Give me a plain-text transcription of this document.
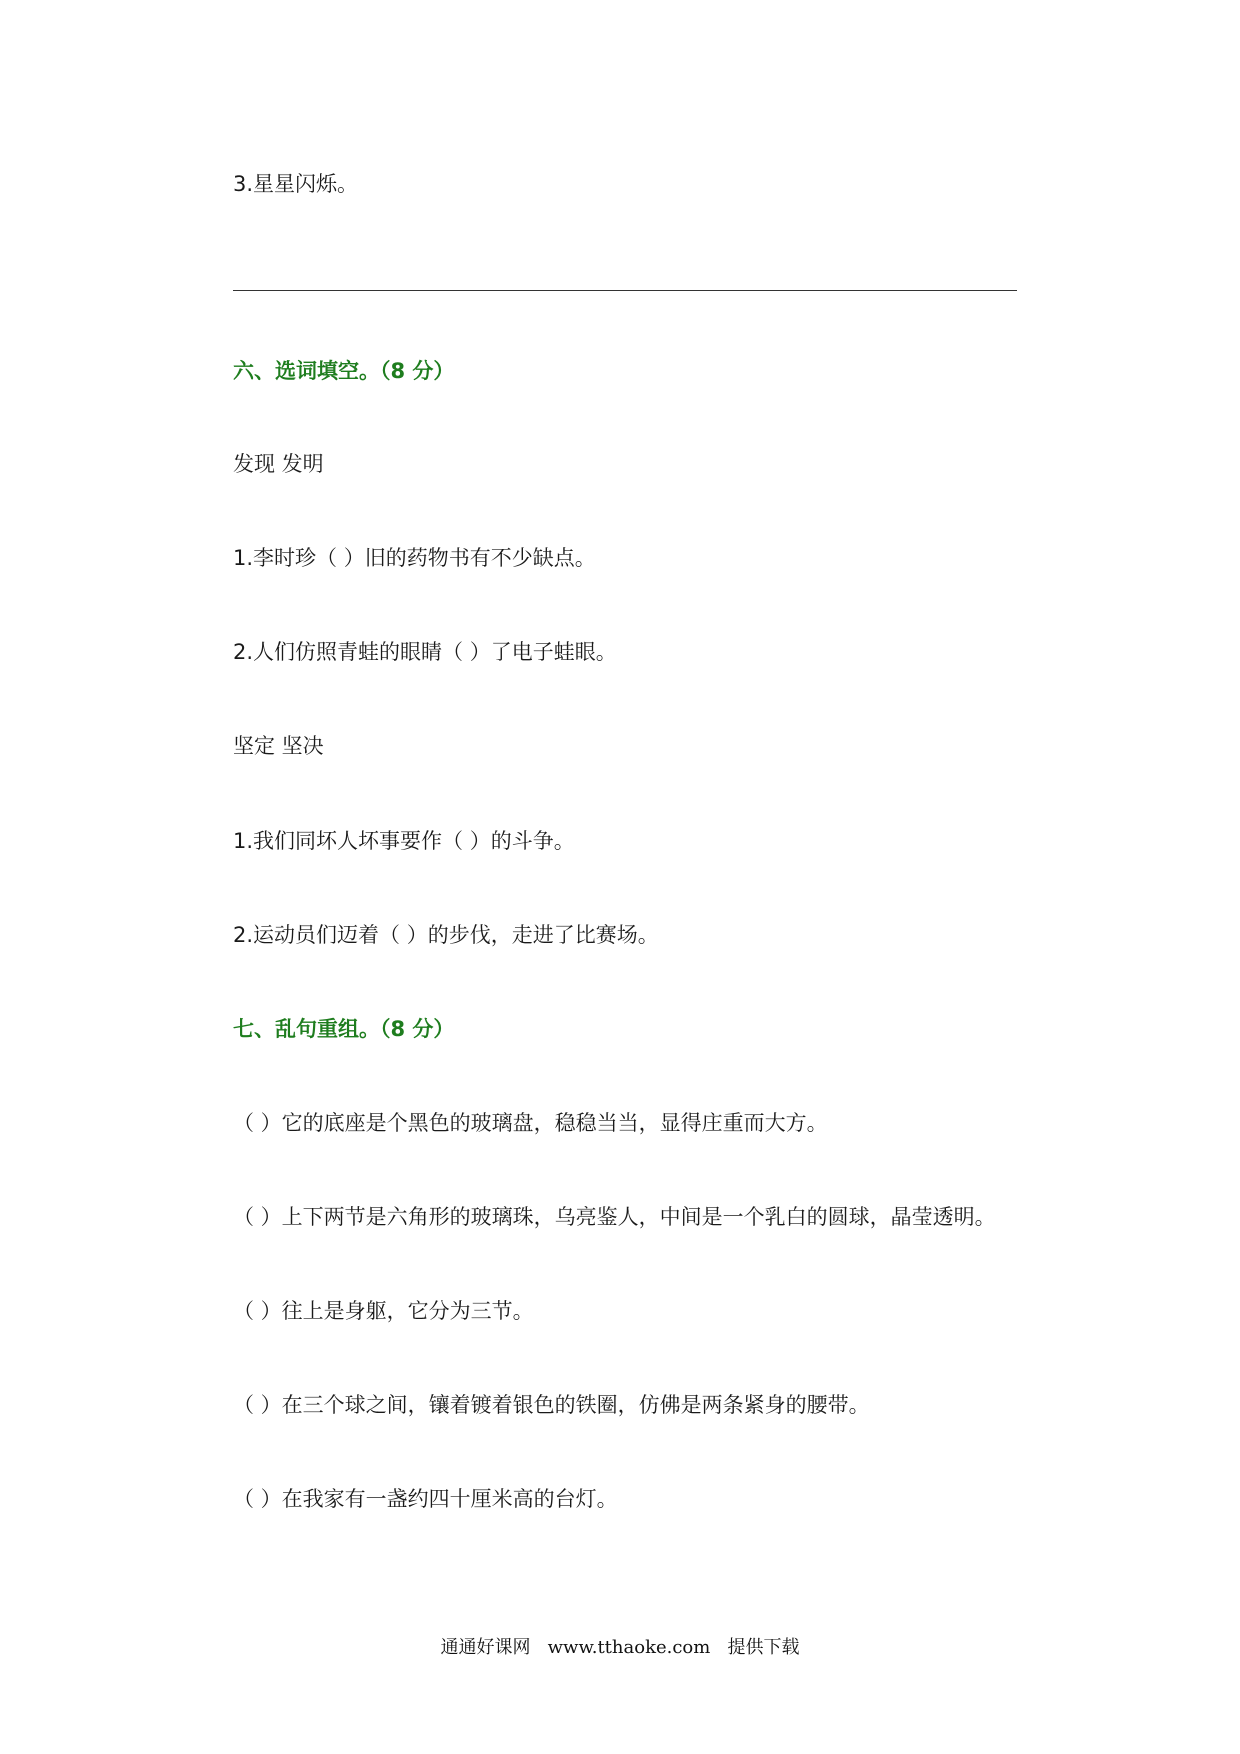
3.星星闪烁。
六、选词填空。（8 分）
发现 发明
1.李时珍（ ）旧的药物书有不少缺点。
2.人们仿照青蛙的眼睛（ ）了电子蛙眼。
坚定 坚决
1.我们同坏人坏事要作（ ）的斗争。
2.运动员们迈着（ ）的步伐，走进了比赛场。
七、乱句重组。（8 分）
（ ）它的底座是个黑色的玻璃盘，稳稳当当，显得庄重而大方。
（ ）上下两节是六角形的玻璃珠，乌亮鉴人，中间是一个乳白的圆球，晶莹透明。
（ ）往上是身躯，它分为三节。
（ ）在三个球之间，镶着镀着银色的铁圈，仿佛是两条紧身的腰带。
（ ）在我家有一盏约四十厘米高的台灯。
通通好课网   www.tthaoke.com   提供下载
